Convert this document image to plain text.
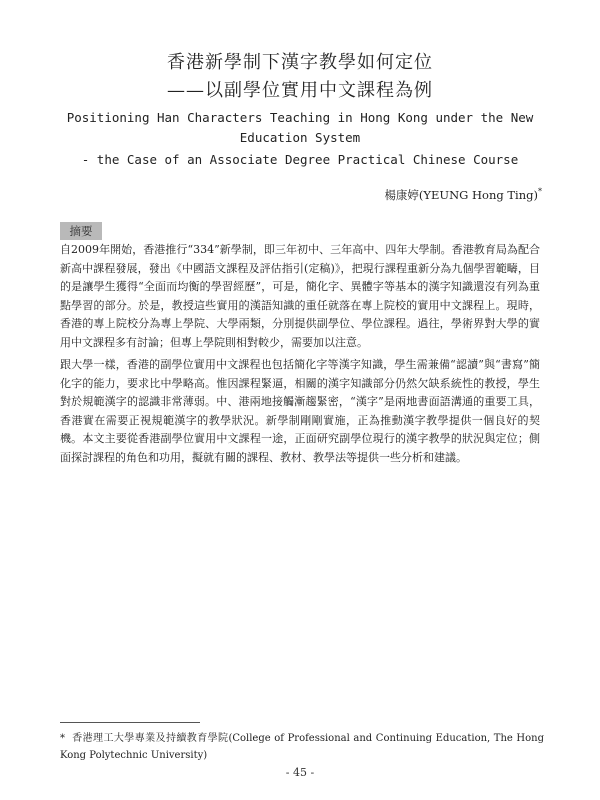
香港新學制下漢字教學如何定位
——以副學位實用中文課程為例
Positioning Han Characters Teaching in Hong Kong under the New
Education System
- the Case of an Associate Degree Practical Chinese Course
楊康婷(YEUNG Hong Ting)*
摘要
自2009年開始，香港推行“334”新學制，即三年初中、三年高中、四年大學制。香港教育局為配合新高中課程發展，發出《中國語文課程及評估指引(定稿)》，把現行課程重新分為九個學習範疇，目的是讓學生獲得“全面而均衡的學習經歷”，可是，簡化字、異體字等基本的漢字知識還沒有列為重點學習的部分。於是，教授這些實用的漢語知識的重任就落在專上院校的實用中文課程上。現時，香港的專上院校分為專上學院、大學兩類，分別提供副學位、學位課程。過往，學術界對大學的實用中文課程多有討論；但專上學院則相對較少，需要加以注意。
跟大學一樣，香港的副學位實用中文課程也包括簡化字等漢字知識，學生需兼備“認讀”與“書寫”簡化字的能力，要求比中學略高。惟因課程緊逼，相關的漢字知識部分仍然欠缺系統性的教授，學生對於規範漢字的認識非常薄弱。中、港兩地接觸漸趨緊密，“漢字”是兩地書面語溝通的重要工具，香港實在需要正視規範漢字的教學狀況。新學制剛剛實施，正為推動漢字教學提供一個良好的契機。本文主要從香港副學位實用中文課程一途，正面研究副學位現行的漢字教學的狀況與定位；側面探討課程的角色和功用，擬就有關的課程、教材、教學法等提供一些分析和建議。
* 香港理工大學專業及持續教育學院(College of Professional and Continuing Education, The Hong Kong Polytechnic University)
- 45 -
